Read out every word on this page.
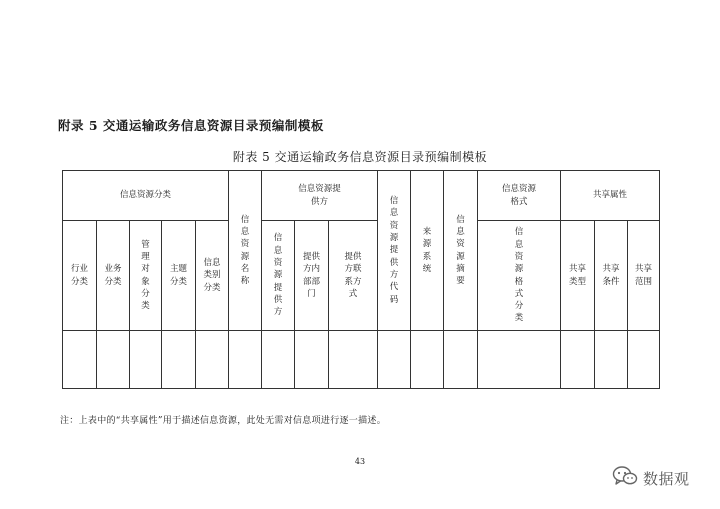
附录 5 交通运输政务信息资源目录预编制模板
附表 5 交通运输政务信息资源目录预编制模板
信息资源分类					信息资源名称	信息资源提供方			信息资源提供方代码	来源系统	信息资源摘要	信息资源格式	共享属性		
行业分类	业务分类	管理对象分类	主题分类	信息类别分类		信息资源提供方	提供方内部部门	提供方联系方式				信息资源格式分类	共享类型	共享条件	共享范围

注：上表中的“共享属性”用于描述信息资源，此处无需对信息项进行逐一描述。
43
数据观
